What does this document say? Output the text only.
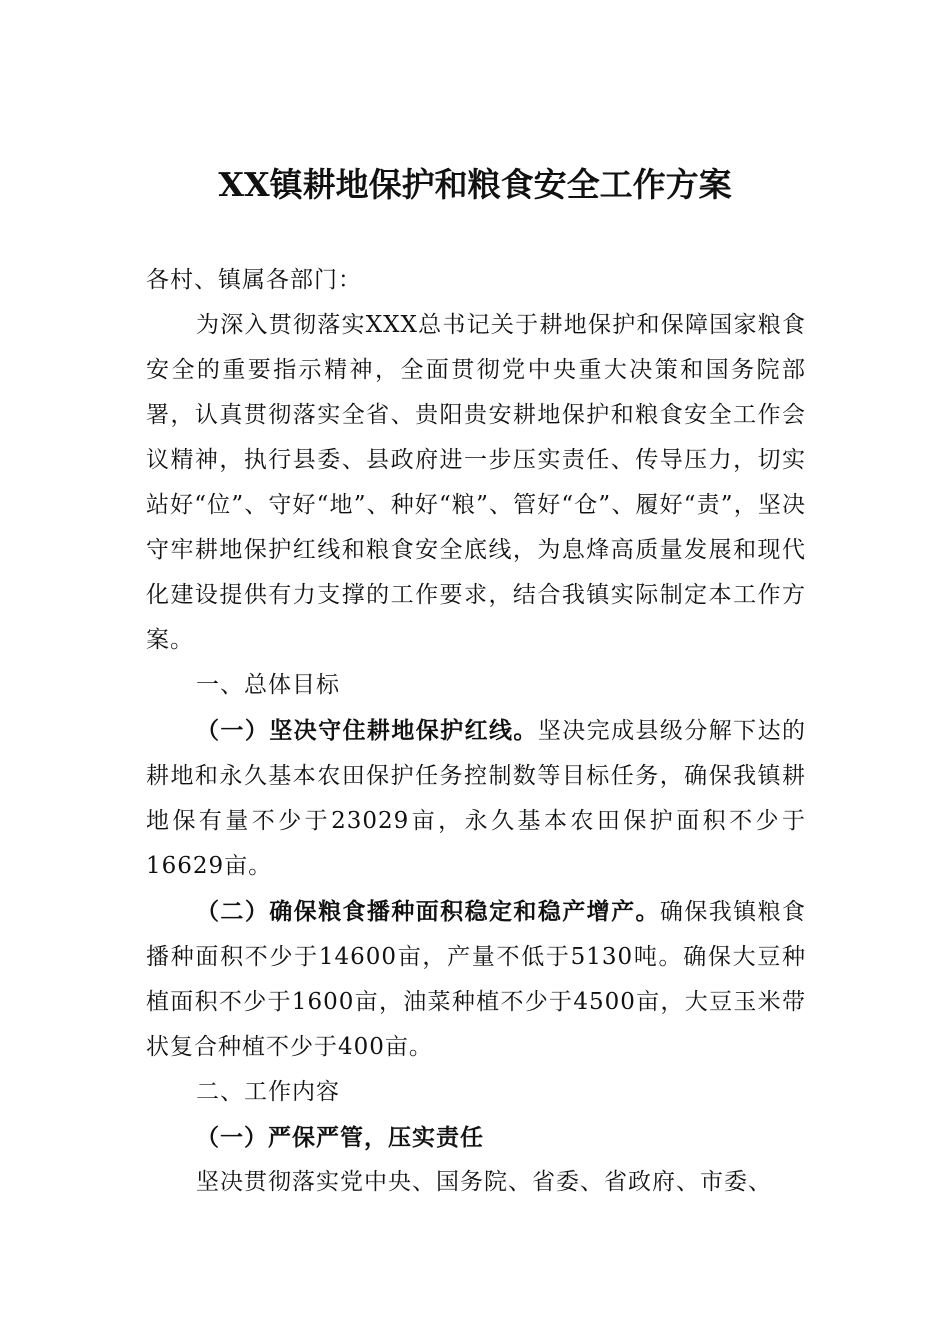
XX镇耕地保护和粮食安全工作方案

各村、镇属各部门：

为深入贯彻落实XXX总书记关于耕地保护和保障国家粮食安全的重要指示精神，全面贯彻党中央重大决策和国务院部署，认真贯彻落实全省、贵阳贵安耕地保护和粮食安全工作会议精神，执行县委、县政府进一步压实责任、传导压力，切实站好“位”、守好“地”、种好“粮”、管好“仓”、履好“责”，坚决守牢耕地保护红线和粮食安全底线，为息烽高质量发展和现代化建设提供有力支撑的工作要求，结合我镇实际制定本工作方案。

一、总体目标

（一）坚决守住耕地保护红线。坚决完成县级分解下达的耕地和永久基本农田保护任务控制数等目标任务，确保我镇耕地保有量不少于23029亩，永久基本农田保护面积不少于16629亩。

（二）确保粮食播种面积稳定和稳产增产。确保我镇粮食播种面积不少于14600亩，产量不低于5130吨。确保大豆种植面积不少于1600亩，油菜种植不少于4500亩，大豆玉米带状复合种植不少于400亩。

二、工作内容

（一）严保严管，压实责任

坚决贯彻落实党中央、国务院、省委、省政府、市委、
